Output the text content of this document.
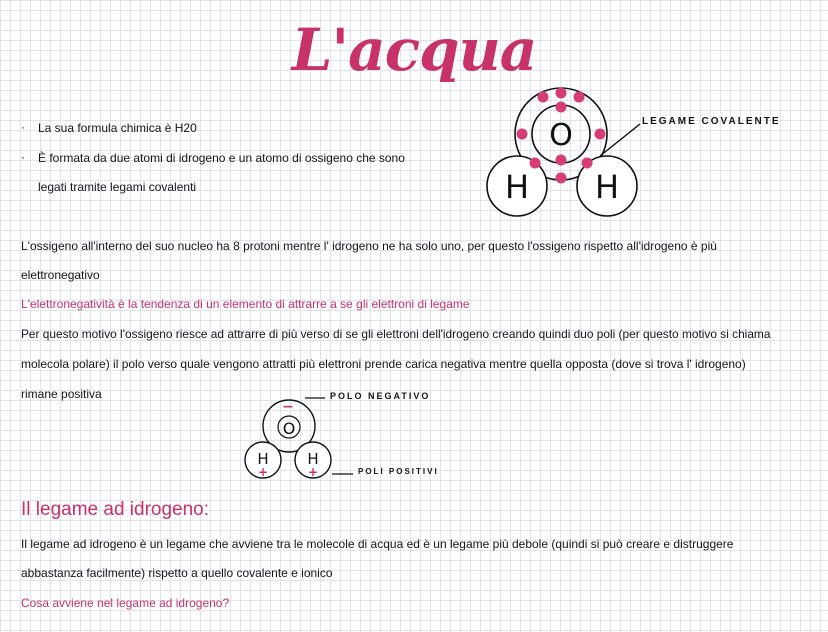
L'acqua
· La sua formula chimica è H20
· È formata da due atomi di idrogeno e un atomo di ossigeno che sono
legati tramite legami covalenti
O
H H
LEGAME COVALENTE
L'ossigeno all'interno del suo nucleo ha 8 protoni mentre l' idrogeno ne ha solo uno, per questo l'ossigeno rispetto all'idrogeno è più
elettronegativo
L'elettronegatività è la tendenza di un elemento di attrarre a se gli elettroni di legame
Per questo motivo l'ossigeno riesce ad attrarre di più verso di se gli elettroni dell'idrogeno creando quindi duo poli (per questo motivo si chiama
molecola polare) il polo verso quale vengono attratti più elettroni prende carica negativa mentre quella opposta (dove si trova l' idrogeno)
rimane positiva
O
−
H
+
H
+
POLO NEGATIVO
POLI POSITIVI
Il legame ad idrogeno:
Il legame ad idrogeno è un legame che avviene tra le molecole di acqua ed è un legame più debole (quindi si può creare e distruggere
abbastanza facilmente) rispetto a quello covalente e ionico
Cosa avviene nel legame ad idrogeno?
